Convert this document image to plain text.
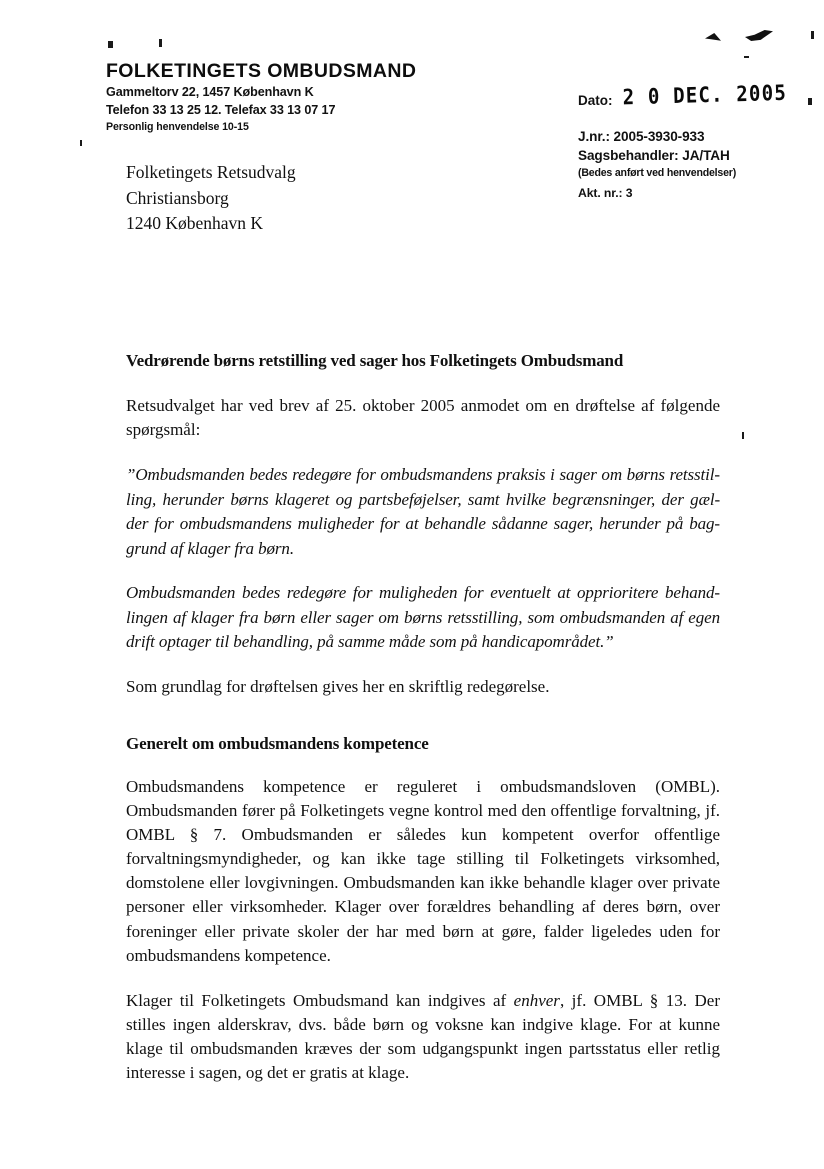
FOLKETINGETS OMBUDSMAND
Gammeltorv 22, 1457 København K
Telefon 33 13 25 12. Telefax 33 13 07 17
Personlig henvendelse 10-15
Dato: 2 0 DEC. 2005
J.nr.: 2005-3930-933
Sagsbehandler: JA/TAH
(Bedes anført ved henvendelser)
Akt. nr.: 3
Folketingets Retsudvalg
Christiansborg
1240 København K
Vedrørende børns retstilling ved sager hos Folketingets Ombudsmand

Retsudvalget har ved brev af 25. oktober 2005 anmodet om en drøftelse af følgende spørgsmål:

”Ombudsmanden bedes redegøre for ombudsmandens praksis i sager om børns retsstil-ling, herunder børns klageret og partsbeføjelser, samt hvilke begrænsninger, der gæl-der for ombudsmandens muligheder for at behandle sådanne sager, herunder på bag-grund af klager fra børn.

Ombudsmanden bedes redegøre for muligheden for eventuelt at opprioritere behand-lingen af klager fra børn eller sager om børns retsstilling, som ombudsmanden af egen drift optager til behandling, på samme måde som på handicapområdet.”

Som grundlag for drøftelsen gives her en skriftlig redegørelse.

Generelt om ombudsmandens kompetence

Ombudsmandens kompetence er reguleret i ombudsmandsloven (OMBL). Ombudsmanden fører på Folketingets vegne kontrol med den offentlige forvaltning, jf. OMBL § 7. Ombudsmanden er således kun kompetent overfor offentlige forvaltningsmyndigheder, og kan ikke tage stilling til Folketingets virksomhed, domstolene eller lovgivningen. Ombudsmanden kan ikke behandle klager over private personer eller virksomheder. Klager over forældres behandling af deres børn, over foreninger eller private skoler der har med børn at gøre, falder ligeledes uden for ombudsmandens kompetence.

Klager til Folketingets Ombudsmand kan indgives af enhver, jf. OMBL § 13. Der stilles ingen alderskrav, dvs. både børn og voksne kan indgive klage. For at kunne klage til ombudsmanden kræves der som udgangspunkt ingen partsstatus eller retlig interesse i sagen, og det er gratis at klage.
